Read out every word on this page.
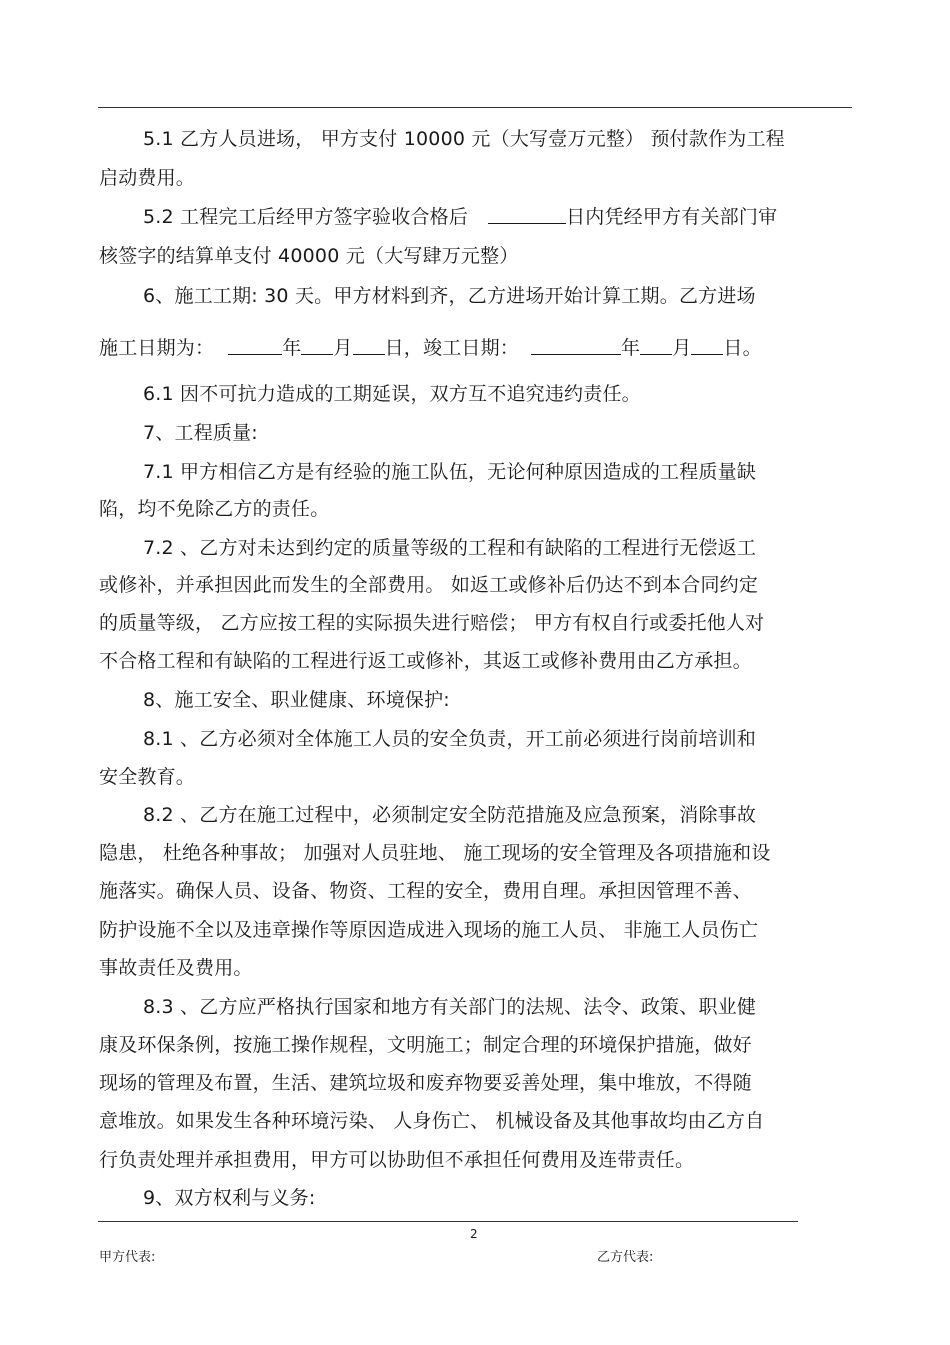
5.1 乙方人员进场， 甲方支付 10000 元（大写壹万元整） 预付款作为工程

启动费用。

5.2 工程完工后经甲方签字验收合格后	日内凭经甲方有关部门审

核签字的结算单支付 40000 元（大写肆万元整）

6、施工工期: 30 天。甲方材料到齐，乙方进场开始计算工期。乙方进场

施工日期为：	年 月 日，竣工日期：	年 月 日。

6.1 因不可抗力造成的工期延误，双方互不追究违约责任。

7、工程质量:

7.1 甲方相信乙方是有经验的施工队伍，无论何种原因造成的工程质量缺

陷，均不免除乙方的责任。

7.2 、乙方对未达到约定的质量等级的工程和有缺陷的工程进行无偿返工

或修补，并承担因此而发生的全部费用。 如返工或修补后仍达不到本合同约定

的质量等级， 乙方应按工程的实际损失进行赔偿； 甲方有权自行或委托他人对

不合格工程和有缺陷的工程进行返工或修补，其返工或修补费用由乙方承担。

8、施工安全、职业健康、环境保护:

8.1 、乙方必须对全体施工人员的安全负责，开工前必须进行岗前培训和

安全教育。

8.2 、乙方在施工过程中，必须制定安全防范措施及应急预案，消除事故

隐患， 杜绝各种事故； 加强对人员驻地、 施工现场的安全管理及各项措施和设

施落实。确保人员、设备、物资、工程的安全，费用自理。承担因管理不善、

防护设施不全以及违章操作等原因造成进入现场的施工人员、 非施工人员伤亡

事故责任及费用。

8.3 、乙方应严格执行国家和地方有关部门的法规、法令、政策、职业健

康及环保条例，按施工操作规程，文明施工；制定合理的环境保护措施，做好

现场的管理及布置，生活、建筑垃圾和废弃物要妥善处理，集中堆放，不得随

意堆放。如果发生各种环境污染、 人身伤亡、 机械设备及其他事故均由乙方自

行负责处理并承担费用，甲方可以协助但不承担任何费用及连带责任。

9、双方权利与义务:

2
甲方代表:	乙方代表:
